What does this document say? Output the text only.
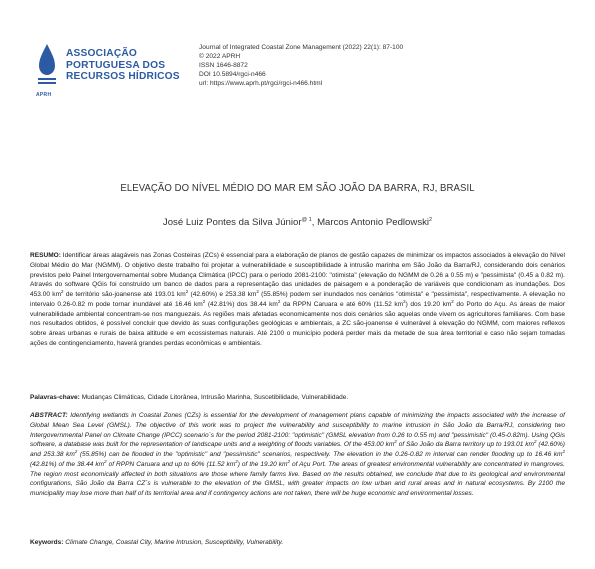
ASSOCIAÇÃO
PORTUGUESA DOS
RECURSOS HÍDRICOS
APRH
Journal of Integrated Coastal Zone Management (2022) 22(1): 87-100
© 2022 APRH
ISSN 1646-8872
DOI 10.5894/rgci-n466
url: https://www.aprh.pt/rgci/rgci-n466.html
ELEVAÇÃO DO NÍVEL MÉDIO DO MAR EM SÃO JOÃO DA BARRA, RJ, BRASIL
José Luiz Pontes da Silva Júnior$^{@ 1}$, Marcos Antonio Pedlowski$^2$
RESUMO: Identificar áreas alagáveis nas Zonas Costeiras (ZCs) é essencial para a elaboração de planos de gestão capazes de minimizar os impactos associados à elevação do Nível Global Médio do Mar (NGMM). O objetivo deste trabalho foi projetar a vulnerabilidade e susceptibilidade à intrusão marinha em São João da Barra/RJ, considerando dois cenários previstos pelo Painel Intergovernamental sobre Mudança Climática (IPCC) para o período 2081-2100: "otimista" (elevação do NGMM de 0.26 a 0.55 m) e "pessimista" (0.45 a 0.82 m). Através do software QGis foi construído um banco de dados para a representação das unidades de paisagem e a ponderação de variáveis que condicionam as inundações. Dos 453.00 $km^2$ de território são-joanense até 193.01 $km^2$ (42.60%) e 253.38 $km^2$ (55.85%) podem ser inundados nos cenários "otimista" e "pessimista", respectivamente. A elevação no intervalo 0.26-0.82 m pode tornar inundável até 16.46 $km^2$ (42.81%) dos 38.44 $km^2$ da RPPN Caruara e até 60% (11.52 $km^2$) dos 19.20 $km^2$ do Porto do Açu. As áreas de maior vulnerabilidade ambiental concentram-se nos manguezais. As regiões mais afetadas economicamente nos dois cenários são aquelas onde vivem os agricultores familiares. Com base nos resultados obtidos, é possível concluir que devido às suas configurações geológicas e ambientais, a ZC são-joanense é vulnerável à elevação do NGMM, com maiores reflexos sobre áreas urbanas e rurais de baixa altitude e em ecossistemas naturais. Até 2100 o município poderá perder mais da metade de sua área territorial e caso não sejam tomadas ações de contingenciamento, haverá grandes perdas econômicas e ambientais.
Palavras-chave: Mudanças Climáticas, Cidade Litorânea, Intrusão Marinha, Suscetibilidade, Vulnerabilidade.
ABSTRACT: Identifying wetlands in Coastal Zones (CZs) is essential for the development of management plans capable of minimizing the impacts associated with the increase of Global Mean Sea Level (GMSL). The objective of this work was to project the vulnerability and susceptibility to marine intrusion in São João da Barra/RJ, considering two Intergovernmental Panel on Climate Change (IPCC) scenario´s for the period 2081-2100: "optimistic" (GMSL elevation from 0.26 to 0.55 m) and "pessimistic" (0.45-0.82m). Using QGis software, a database was built for the representation of landscape units and a weighting of floods variables. Of the 453.00 $km^2$ of São João da Barra territory up to 193.01 $km^2$ (42.60%) and 253.38 $km^2$ (55.85%) can be flooded in the "optimistic" and "pessimistic" scenarios, respectively. The elevation in the 0.26-0.82 m interval can render flooding up to 16.46 $km^2$ (42.81%) of the 38.44 $km^2$ of RPPN Caruara and up to 60% (11.52 $km^2$) of the 19.20 $km^2$ of Açu Port. The areas of greatest environmental vulnerability are concentrated in mangroves. The region most economically affected in both situations are those where family farms live. Based on the results obtained, we conclude that due to its geological and environmental configurations, São João da Barra CZ´s is vulnerable to the elevation of the GMSL, with greater impacts on low urban and rural areas and in natural ecosystems. By 2100 the municipality may lose more than half of its territorial area and if contingency actions are not taken, there will be huge economic and environmental losses.
Keywords: Climate Change, Coastal City, Marine Intrusion, Susceptibility, Vulnerability.
